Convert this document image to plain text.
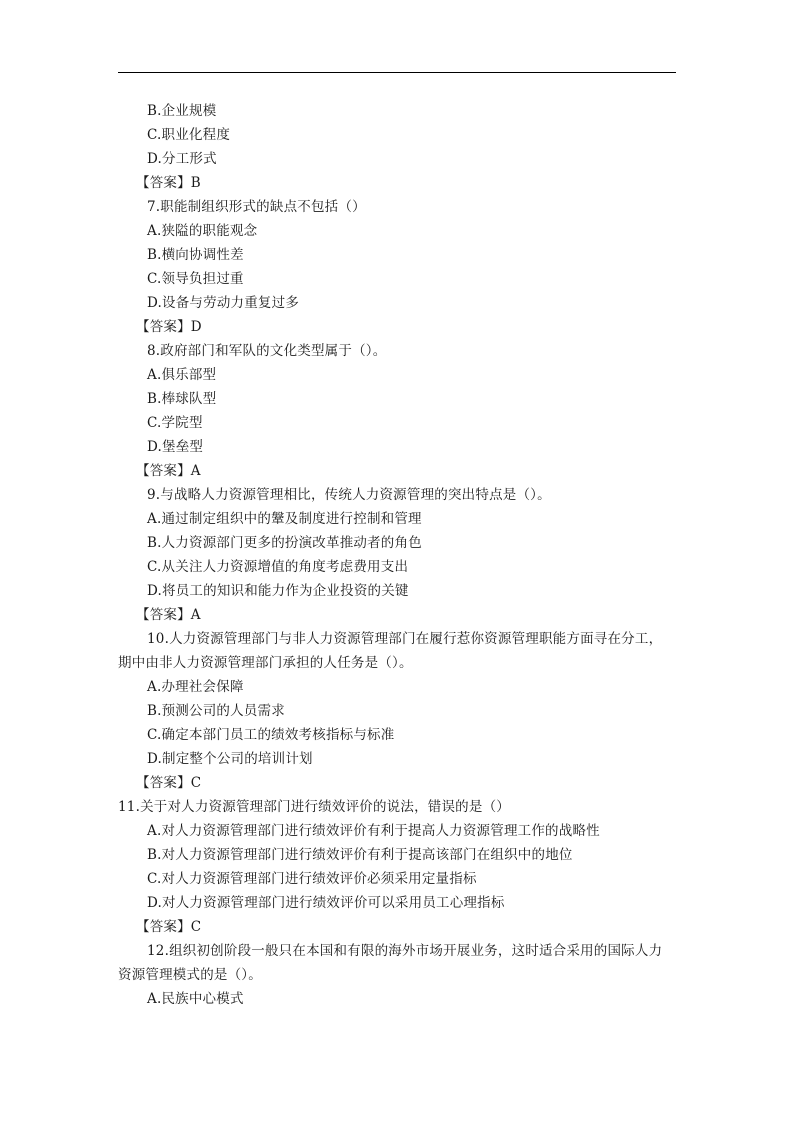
B.企业规模
C.职业化程度
D.分工形式
【答案】B
7.职能制组织形式的缺点不包括（）
A.狭隘的职能观念
B.横向协调性差
C.领导负担过重
D.设备与劳动力重复过多
【答案】D
8.政府部门和军队的文化类型属于（）。
A.俱乐部型
B.棒球队型
C.学院型
D.堡垒型
【答案】A
9.与战略人力资源管理相比，传统人力资源管理的突出特点是（）。
A.通过制定组织中的鞶及制度进行控制和管理
B.人力资源部门更多的扮演改革推动者的角色
C.从关注人力资源增值的角度考虑费用支出
D.将员工的知识和能力作为企业投资的关键
【答案】A
10.人力资源管理部门与非人力资源管理部门在履行惹你资源管理职能方面寻在分工，
期中由非人力资源管理部门承担的人任务是（）。
A.办理社会保障
B.预测公司的人员需求
C.确定本部门员工的绩效考核指标与标准
D.制定整个公司的培训计划
【答案】C
11.关于对人力资源管理部门进行绩效评价的说法，错误的是（）
A.对人力资源管理部门进行绩效评价有利于提高人力资源管理工作的战略性
B.对人力资源管理部门进行绩效评价有利于提高该部门在组织中的地位
C.对人力资源管理部门进行绩效评价必须采用定量指标
D.对人力资源管理部门进行绩效评价可以采用员工心理指标
【答案】C
12.组织初创阶段一般只在本国和有限的海外市场开展业务，这时适合采用的国际人力
资源管理模式的是（）。
A.民族中心模式
